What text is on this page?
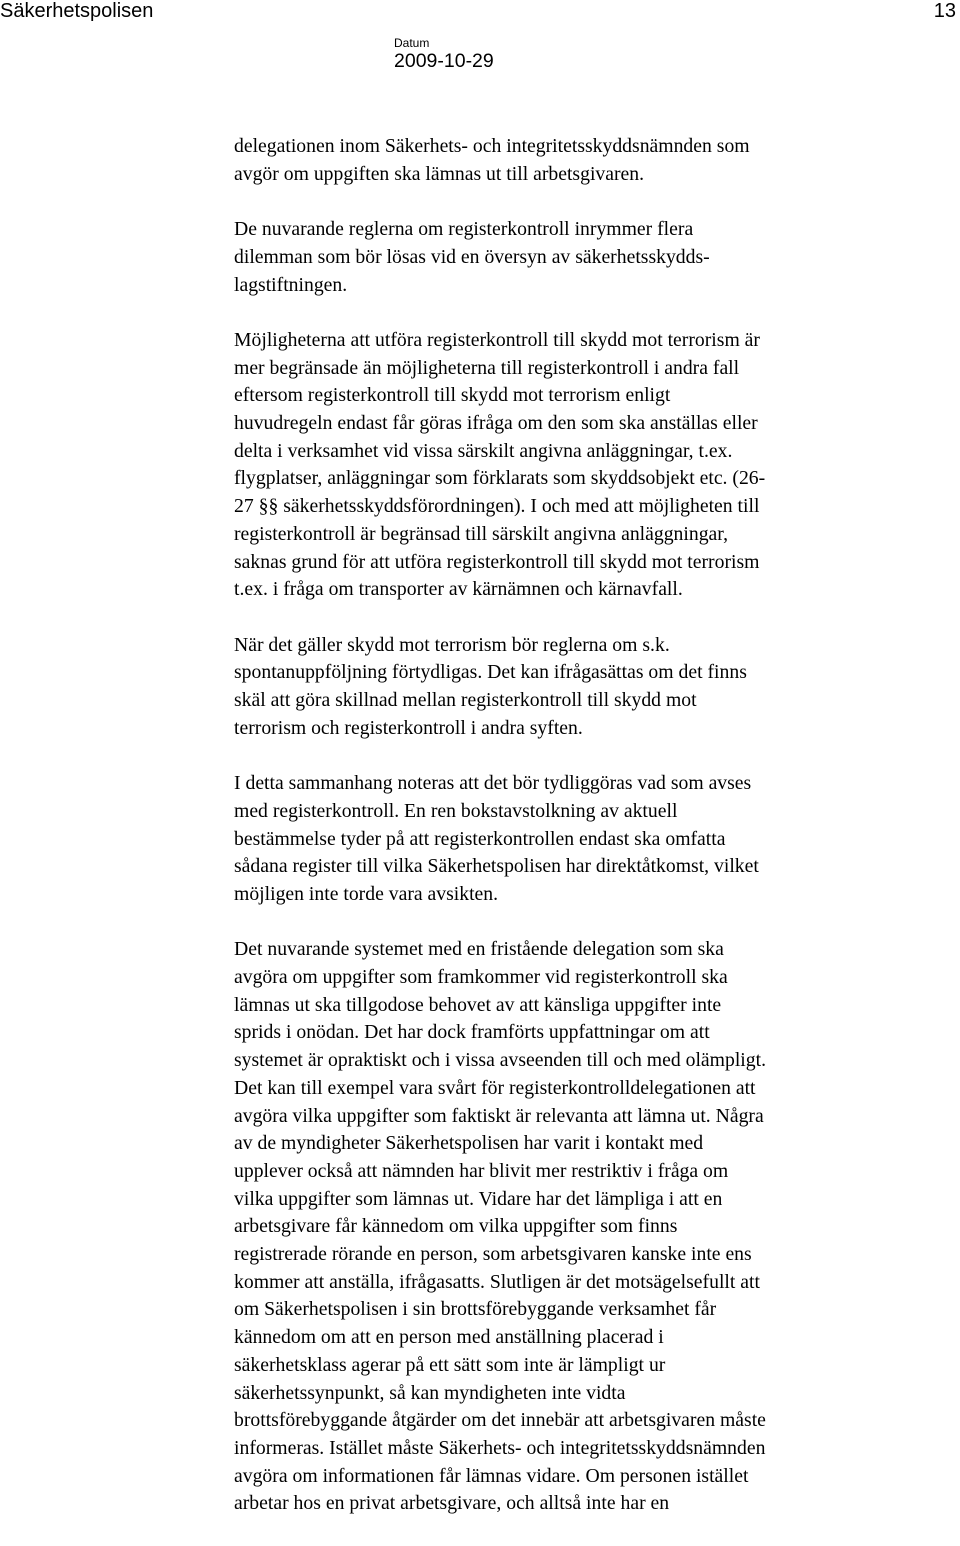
Säkerhetspolisen	13
Datum
2009-10-29

delegationen inom Säkerhets- och integritetsskyddsnämnden som
avgör om uppgiften ska lämnas ut till arbetsgivaren.

De nuvarande reglerna om registerkontroll inrymmer flera
dilemman som bör lösas vid en översyn av säkerhetsskydds-
lagstiftningen.

Möjligheterna att utföra registerkontroll till skydd mot terrorism är
mer begränsade än möjligheterna till registerkontroll i andra fall
eftersom registerkontroll till skydd mot terrorism enligt
huvudregeln endast får göras ifråga om den som ska anställas eller
delta i verksamhet vid vissa särskilt angivna anläggningar, t.ex.
flygplatser, anläggningar som förklarats som skyddsobjekt etc. (26-
27 §§ säkerhetsskyddsförordningen). I och med att möjligheten till
registerkontroll är begränsad till särskilt angivna anläggningar,
saknas grund för att utföra registerkontroll till skydd mot terrorism
t.ex. i fråga om transporter av kärnämnen och kärnavfall.

När det gäller skydd mot terrorism bör reglerna om s.k.
spontanuppföljning förtydligas. Det kan ifrågasättas om det finns
skäl att göra skillnad mellan registerkontroll till skydd mot
terrorism och registerkontroll i andra syften.

I detta sammanhang noteras att det bör tydliggöras vad som avses
med registerkontroll. En ren bokstavstolkning av aktuell
bestämmelse tyder på att registerkontrollen endast ska omfatta
sådana register till vilka Säkerhetspolisen har direktåtkomst, vilket
möjligen inte torde vara avsikten.

Det nuvarande systemet med en fristående delegation som ska
avgöra om uppgifter som framkommer vid registerkontroll ska
lämnas ut ska tillgodose behovet av att känsliga uppgifter inte
sprids i onödan. Det har dock framförts uppfattningar om att
systemet är opraktiskt och i vissa avseenden till och med olämpligt.
Det kan till exempel vara svårt för registerkontrolldelegationen att
avgöra vilka uppgifter som faktiskt är relevanta att lämna ut. Några
av de myndigheter Säkerhetspolisen har varit i kontakt med
upplever också att nämnden har blivit mer restriktiv i fråga om
vilka uppgifter som lämnas ut. Vidare har det lämpliga i att en
arbetsgivare får kännedom om vilka uppgifter som finns
registrerade rörande en person, som arbetsgivaren kanske inte ens
kommer att anställa, ifrågasatts. Slutligen är det motsägelsefullt att
om Säkerhetspolisen i sin brottsförebyggande verksamhet får
kännedom om att en person med anställning placerad i
säkerhetsklass agerar på ett sätt som inte är lämpligt ur
säkerhetssynpunkt, så kan myndigheten inte vidta
brottsförebyggande åtgärder om det innebär att arbetsgivaren måste
informeras. Istället måste Säkerhets- och integritetsskyddsnämnden
avgöra om informationen får lämnas vidare. Om personen istället
arbetar hos en privat arbetsgivare, och alltså inte har en
